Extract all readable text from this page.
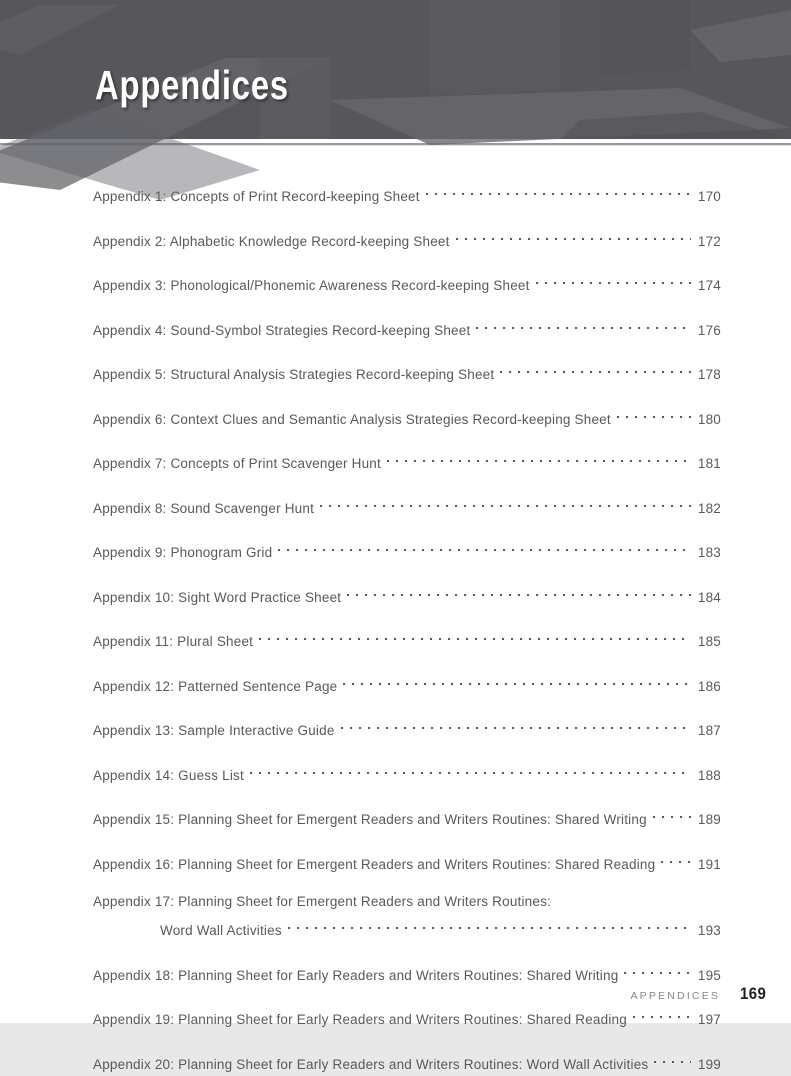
Appendices
Appendix 1: Concepts of Print Record-keeping Sheet	170
Appendix 2: Alphabetic Knowledge Record-keeping Sheet	172
Appendix 3: Phonological/Phonemic Awareness Record-keeping Sheet	174
Appendix 4: Sound-Symbol Strategies Record-keeping Sheet	176
Appendix 5: Structural Analysis Strategies Record-keeping Sheet	178
Appendix 6: Context Clues and Semantic Analysis Strategies Record-keeping Sheet	180
Appendix 7: Concepts of Print Scavenger Hunt	181
Appendix 8: Sound Scavenger Hunt	182
Appendix 9: Phonogram Grid	183
Appendix 10: Sight Word Practice Sheet	184
Appendix 11: Plural Sheet	185
Appendix 12: Patterned Sentence Page	186
Appendix 13: Sample Interactive Guide	187
Appendix 14: Guess List	188
Appendix 15: Planning Sheet for Emergent Readers and Writers Routines: Shared Writing	189
Appendix 16: Planning Sheet for Emergent Readers and Writers Routines: Shared Reading	191
Appendix 17: Planning Sheet for Emergent Readers and Writers Routines:
Word Wall Activities	193
Appendix 18: Planning Sheet for Early Readers and Writers Routines: Shared Writing	195
Appendix 19: Planning Sheet for Early Readers and Writers Routines: Shared Reading	197
Appendix 20: Planning Sheet for Early Readers and Writers Routines: Word Wall Activities	199
APPENDICES 169
